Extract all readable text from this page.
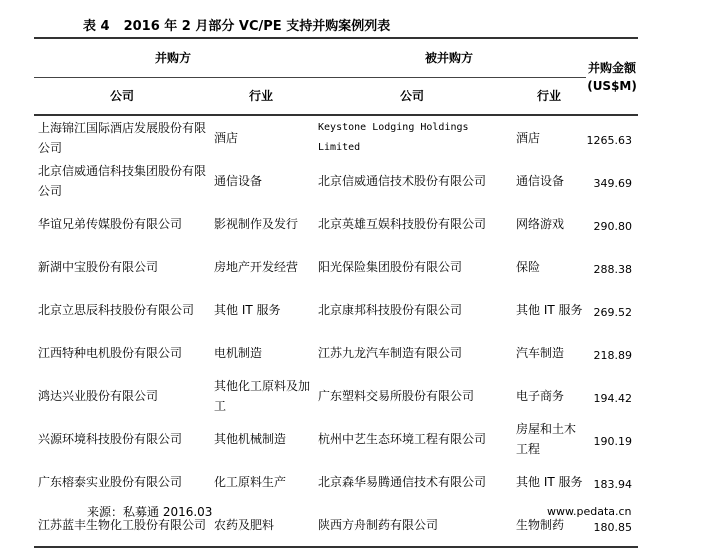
表 4 2016 年 2 月部分 VC/PE 支持并购案例列表
并购方		被并购方		并购金额
(US$M)

公司	行业	公司	行业	
上海锦江国际酒店发展股份有限公司	酒店	Keystone Lodging Holdings Limited	酒店	1265.63
北京信威通信科技集团股份有限公司	通信设备	北京信威通信技术股份有限公司	通信设备	349.69
华谊兄弟传媒股份有限公司	影视制作及发行	北京英雄互娱科技股份有限公司	网络游戏	290.80
新湖中宝股份有限公司	房地产开发经营	阳光保险集团股份有限公司	保险	288.38
北京立思辰科技股份有限公司	其他 IT 服务	北京康邦科技股份有限公司	其他 IT 服务	269.52
江西特种电机股份有限公司	电机制造	江苏九龙汽车制造有限公司	汽车制造	218.89
鸿达兴业股份有限公司	其他化工原料及加工	广东塑料交易所股份有限公司	电子商务	194.42
兴源环境科技股份有限公司	其他机械制造	杭州中艺生态环境工程有限公司	房屋和土木工程	190.19
广东榕泰实业股份有限公司	化工原料生产	北京森华易腾通信技术有限公司	其他 IT 服务	183.94
江苏蓝丰生物化工股份有限公司	农药及肥料	陕西方舟制药有限公司	生物制药	180.85
来源：私募通 2016.03	www.pedata.cn
